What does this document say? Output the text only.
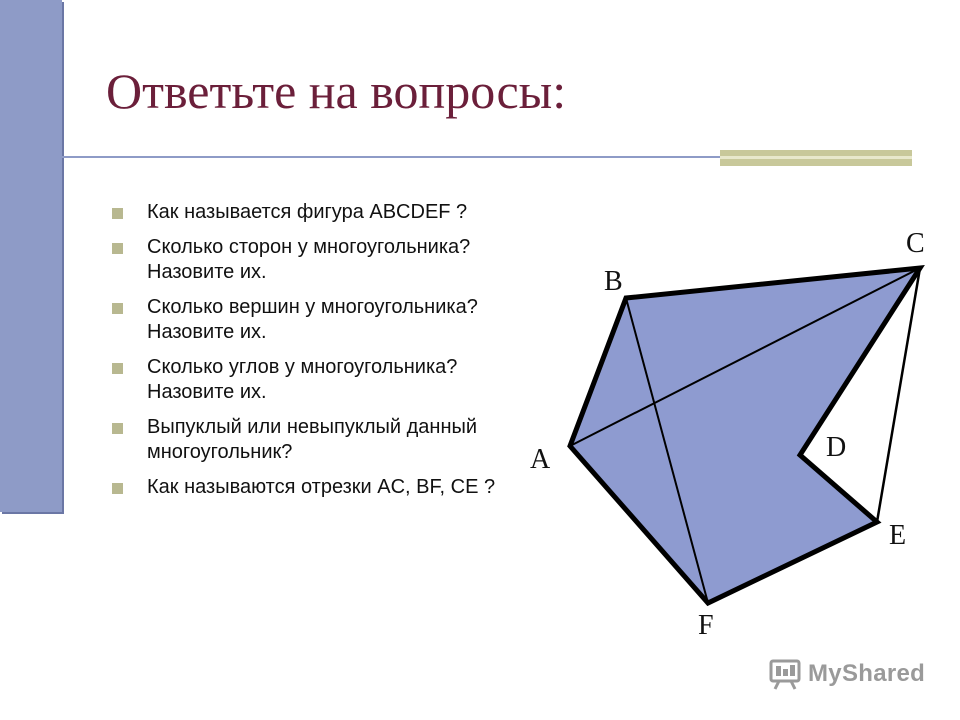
Ответьте на вопросы:
Как называется фигура ABCDEF ?
Сколько сторон у многоугольника? Назовите их.
Сколько вершин у многоугольника? Назовите их.
Сколько углов у многоугольника? Назовите их.
Выпуклый или невыпуклый данный многоугольник?
Как называются отрезки AC, BF, CE ?
A
B
C
D
E
F
MyShared
